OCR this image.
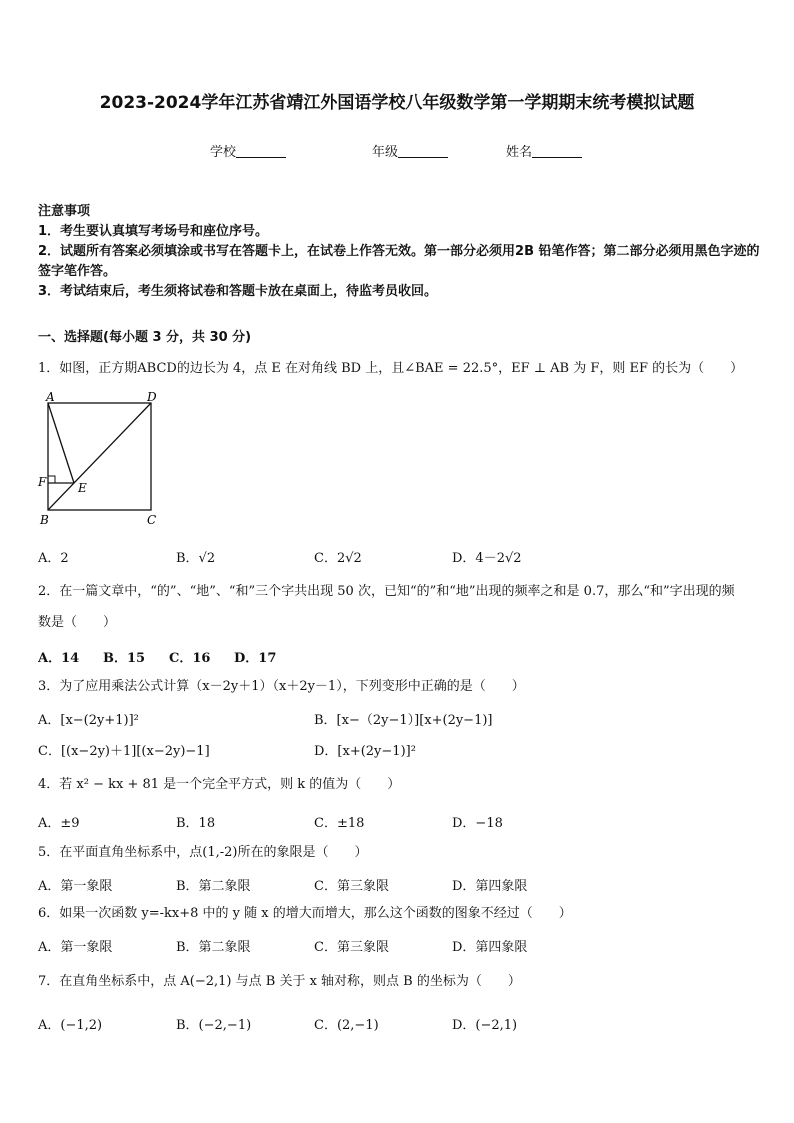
2023-2024学年江苏省靖江外国语学校八年级数学第一学期期末统考模拟试题
学校	年级	姓名
注意事项
1．考生要认真填写考场号和座位序号。
2．试题所有答案必须填涂或书写在答题卡上，在试卷上作答无效。第一部分必须用2B 铅笔作答；第二部分必须用黑色字迹的签字笔作答。
3．考试结束后，考生须将试卷和答题卡放在桌面上，待监考员收回。
一、选择题(每小题 3 分，共 30 分)
1．如图，正方期ABCD的边长为 4，点 E 在对角线 BD 上，且∠BAE = 22.5°，EF ⊥ AB 为 F，则 EF 的长为（　　）
A	D
F	E
B	C
A．2	B．√2	C．2√2	D．4－2√2
2．在一篇文章中，“的”、“地”、“和”三个字共出现 50 次，已知“的”和“地”出现的频率之和是 0.7，那么“和”字出现的频
数是（　　）
A．14 B．15 C．16 D．17
3．为了应用乘法公式计算（x－2y＋1）（x＋2y－1），下列变形中正确的是（　　）
A．[x−(2y+1)]²	B．[x−（2y−1）][x+(2y−1)]
C．[(x−2y)＋1][(x−2y)−1]	D．[x+(2y−1)]²
4．若 x² − kx + 81 是一个完全平方式，则 k 的值为（　　）
A．±9	B．18	C．±18	D．−18
5．在平面直角坐标系中，点(1,-2)所在的象限是（　　）
A．第一象限	B．第二象限	C．第三象限	D．第四象限
6．如果一次函数 y=-kx+8 中的 y 随 x 的增大而增大，那么这个函数的图象不经过（　　）
A．第一象限	B．第二象限	C．第三象限	D．第四象限
7．在直角坐标系中，点 A(−2,1) 与点 B 关于 x 轴对称，则点 B 的坐标为（　　）
A．(−1,2)	B．(−2,−1)	C．(2,−1)	D．(−2,1)
